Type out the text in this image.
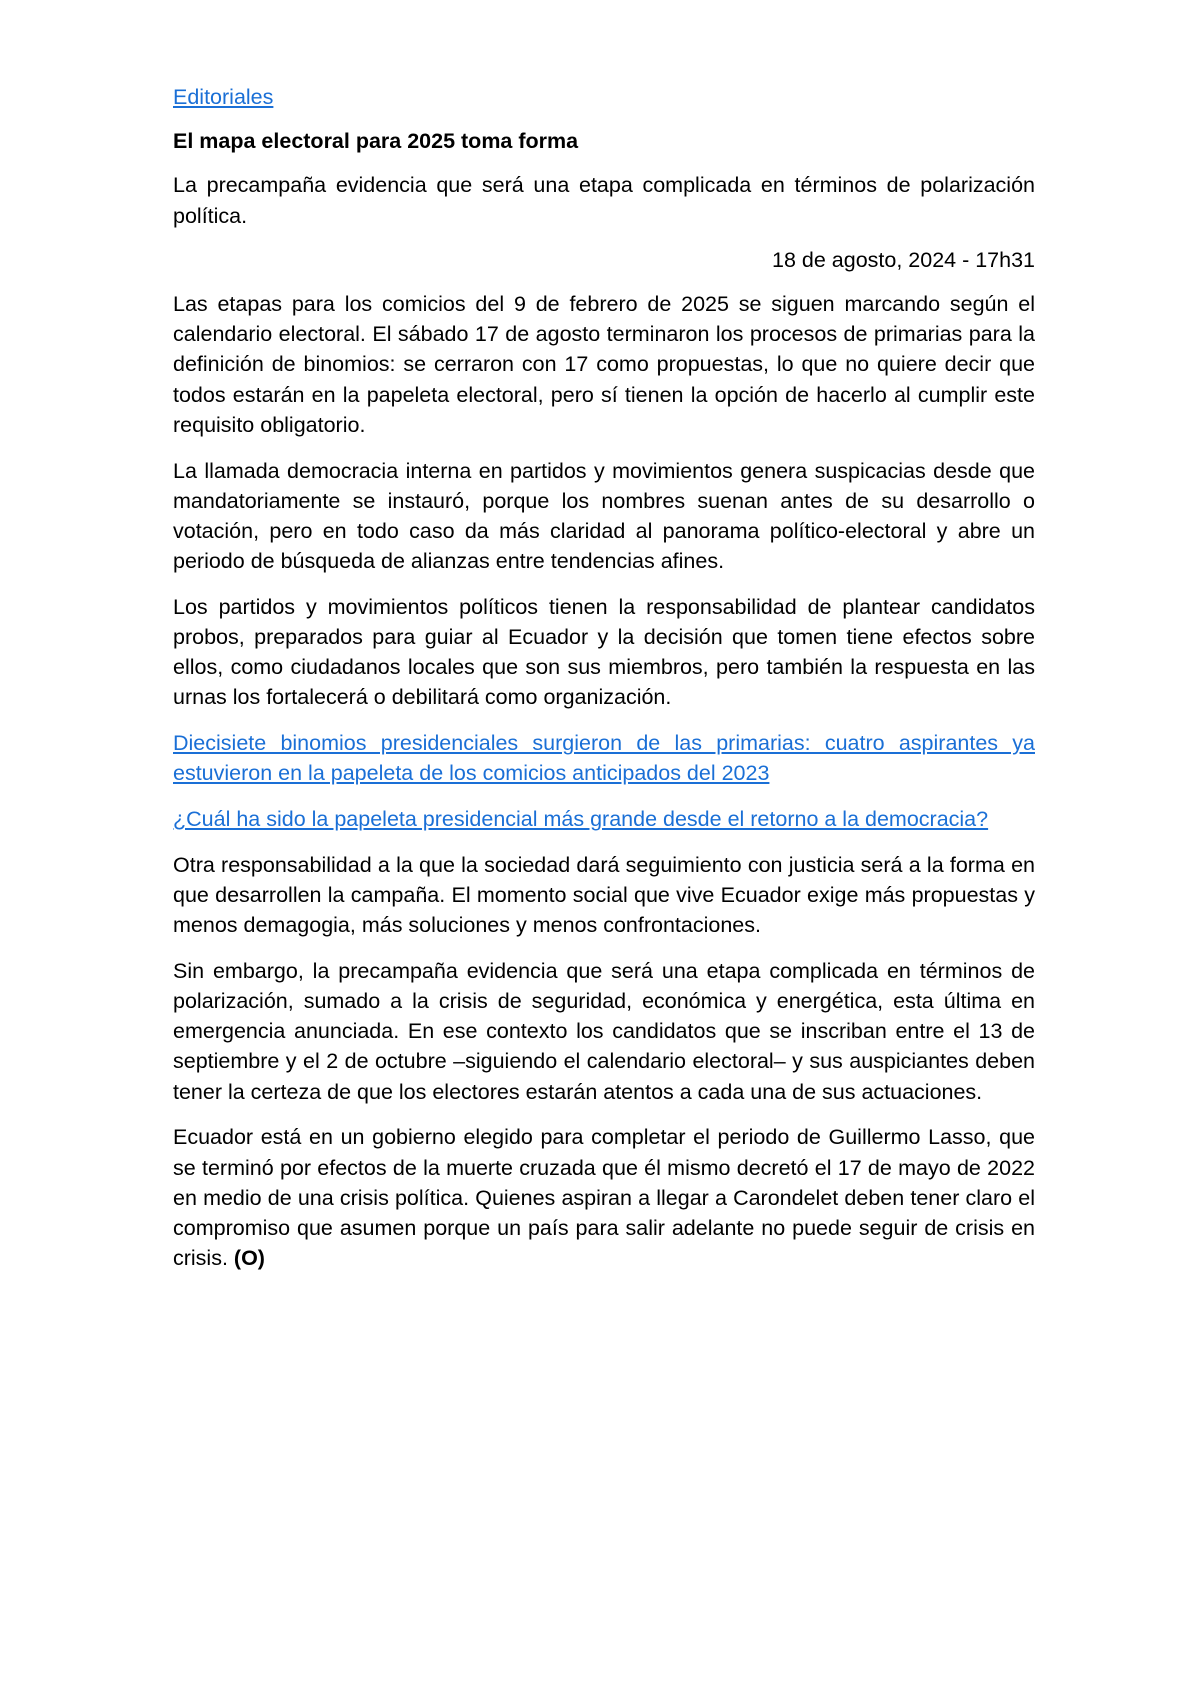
Editoriales
El mapa electoral para 2025 toma forma
La precampaña evidencia que será una etapa complicada en términos de polarización política.
18 de agosto, 2024 - 17h31

Las etapas para los comicios del 9 de febrero de 2025 se siguen marcando según el calendario electoral. El sábado 17 de agosto terminaron los procesos de primarias para la definición de binomios: se cerraron con 17 como propuestas, lo que no quiere decir que todos estarán en la papeleta electoral, pero sí tienen la opción de hacerlo al cumplir este requisito obligatorio.

La llamada democracia interna en partidos y movimientos genera suspicacias desde que mandatoriamente se instauró, porque los nombres suenan antes de su desarrollo o votación, pero en todo caso da más claridad al panorama político-electoral y abre un periodo de búsqueda de alianzas entre tendencias afines.

Los partidos y movimientos políticos tienen la responsabilidad de plantear candidatos probos, preparados para guiar al Ecuador y la decisión que tomen tiene efectos sobre ellos, como ciudadanos locales que son sus miembros, pero también la respuesta en las urnas los fortalecerá o debilitará como organización.

Diecisiete binomios presidenciales surgieron de las primarias: cuatro aspirantes ya estuvieron en la papeleta de los comicios anticipados del 2023
¿Cuál ha sido la papeleta presidencial más grande desde el retorno a la democracia?

Otra responsabilidad a la que la sociedad dará seguimiento con justicia será a la forma en que desarrollen la campaña. El momento social que vive Ecuador exige más propuestas y menos demagogia, más soluciones y menos confrontaciones.

Sin embargo, la precampaña evidencia que será una etapa complicada en términos de polarización, sumado a la crisis de seguridad, económica y energética, esta última en emergencia anunciada. En ese contexto los candidatos que se inscriban entre el 13 de septiembre y el 2 de octubre –siguiendo el calendario electoral– y sus auspiciantes deben tener la certeza de que los electores estarán atentos a cada una de sus actuaciones.

Ecuador está en un gobierno elegido para completar el periodo de Guillermo Lasso, que se terminó por efectos de la muerte cruzada que él mismo decretó el 17 de mayo de 2022 en medio de una crisis política. Quienes aspiran a llegar a Carondelet deben tener claro el compromiso que asumen porque un país para salir adelante no puede seguir de crisis en crisis. (O)
